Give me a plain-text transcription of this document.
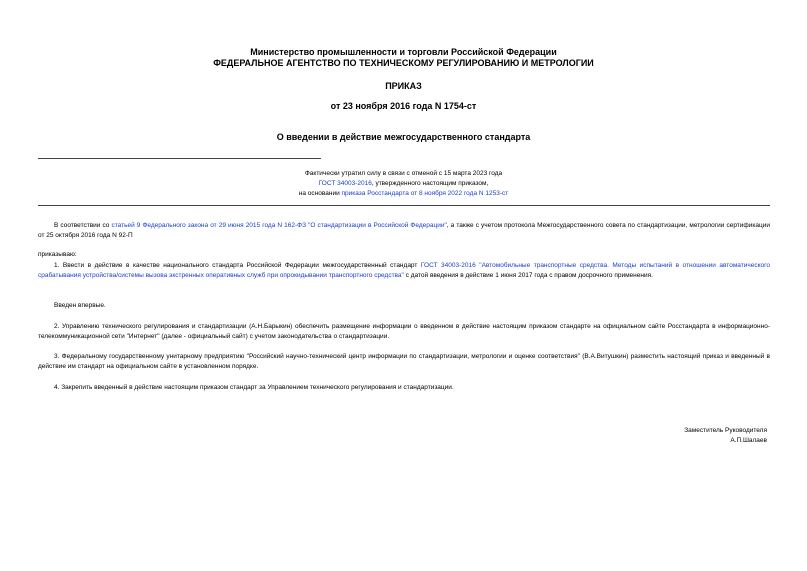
Министерство промышленности и торговли Российской Федерации
ФЕДЕРАЛЬНОЕ АГЕНТСТВО ПО ТЕХНИЧЕСКОМУ РЕГУЛИРОВАНИЮ И МЕТРОЛОГИИ
ПРИКАЗ
от 23 ноября 2016 года N 1754-ст
О введении в действие межгосударственного стандарта
Фактически утратил силу в связи с отменой с 15 марта 2023 года
ГОСТ 34003-2016, утвержденного настоящим приказом,
на основании приказа Росстандарта от 8 ноября 2022 года N 1253-ст
В соответствии со статьей 9 Федерального закона от 29 июня 2015 года N 162-ФЗ "О стандартизации в Российской Федерации", а также с учетом протокола Межгосударственного совета по стандартизации, метрологии сертификации от 25 октября 2016 года N 92-П
приказываю:
1. Ввести в действие в качестве национального стандарта Российской Федерации межгосударственный стандарт ГОСТ 34003-2016 "Автомобильные транспортные средства. Методы испытаний в отношении автоматического срабатывания устройства/системы вызова экстренных оперативных служб при опрокидывании транспортного средства" с датой введения в действие 1 июня 2017 года с правом досрочного применения.
Введен впервые.
2. Управлению технического регулирования и стандартизации (А.Н.Барыкин) обеспечить размещение информации о введенном в действие настоящим приказом стандарте на официальном сайте Росстандарта в информационно-телекоммуникационной сети "Интернет" (далее - официальный сайт) с учетом законодательства о стандартизации.
3. Федеральному государственному унитарному предприятию "Российский научно-технический центр информации по стандартизации, метрологии и оценке соответствия" (В.А.Витушкин) разместить настоящий приказ и введенный в действие им стандарт на официальном сайте в установленном порядке.
4. Закрепить введенный в действие настоящим приказом стандарт за Управлением технического регулирования и стандартизации.
Заместитель Руководителя
А.П.Шалаев
